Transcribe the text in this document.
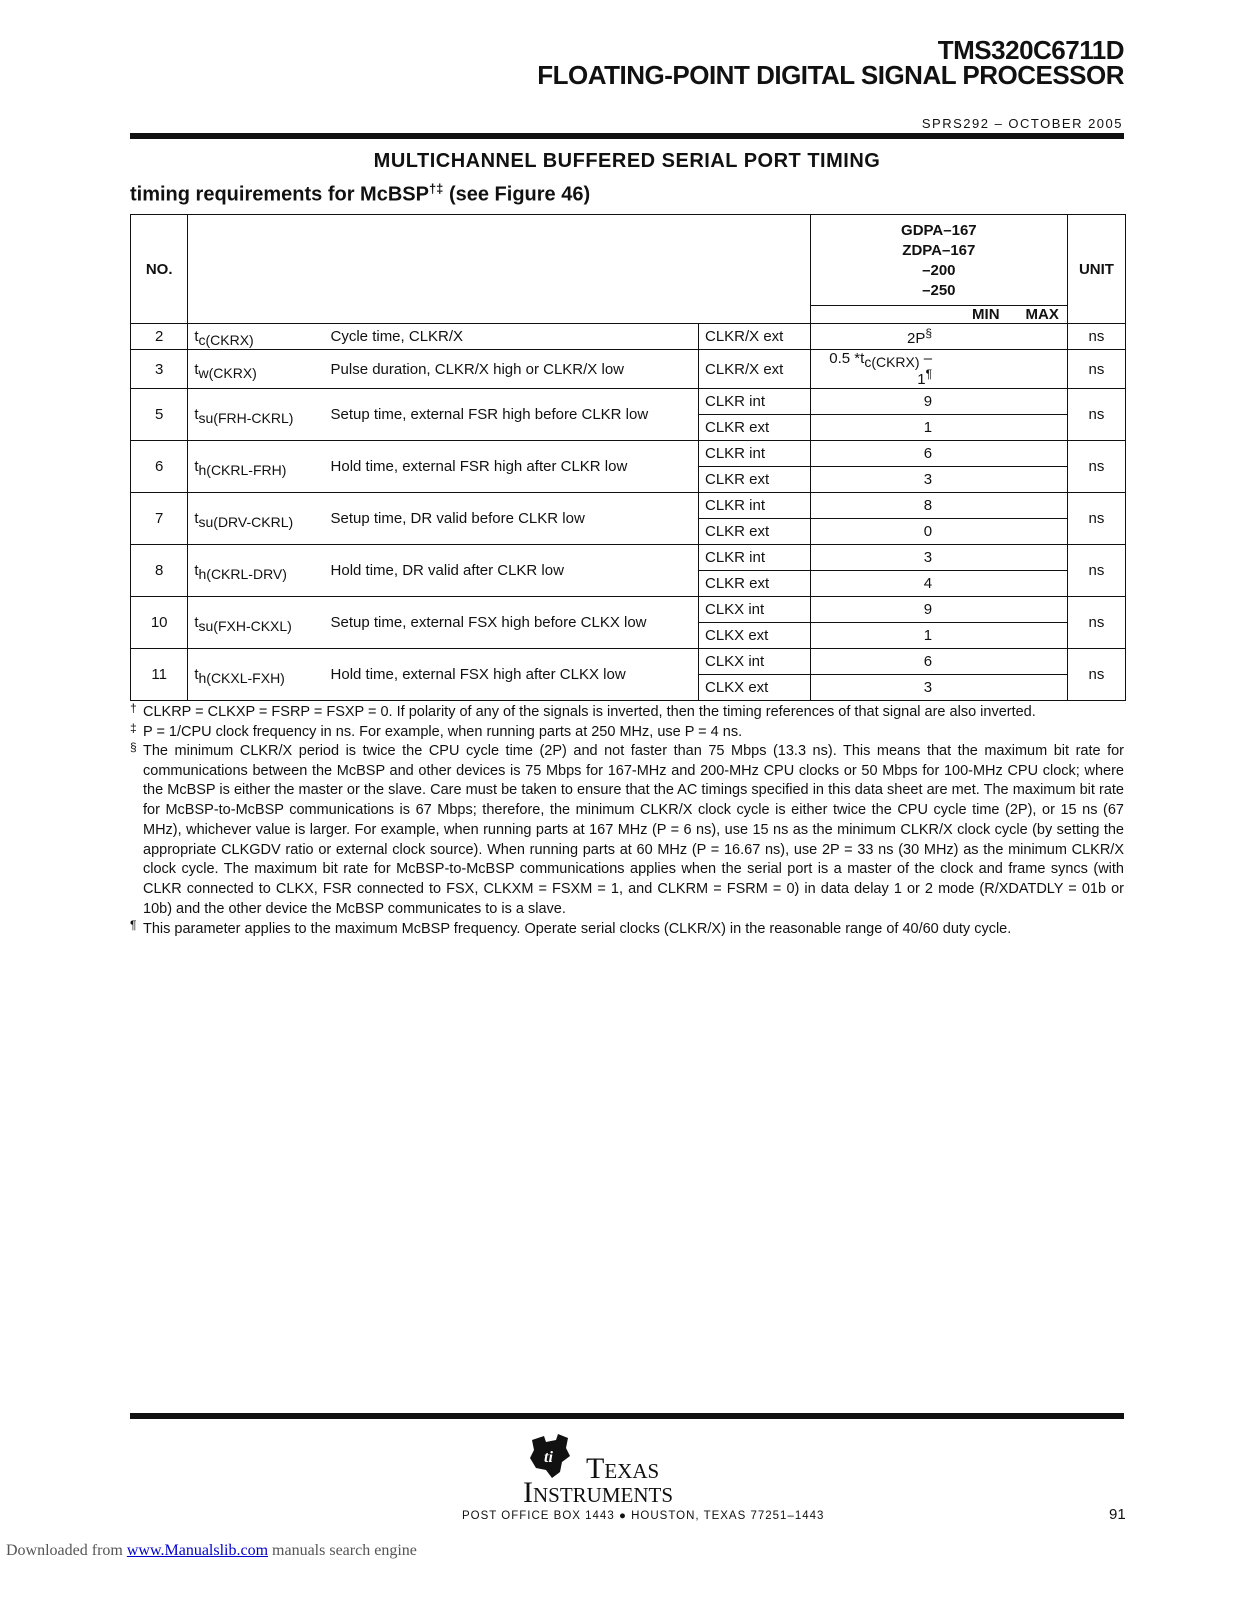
TMS320C6711D
FLOATING-POINT DIGITAL SIGNAL PROCESSOR
SPRS292 – OCTOBER 2005
MULTICHANNEL BUFFERED SERIAL PORT TIMING
timing requirements for McBSP†‡ (see Figure 46)
NO.				GDPA–167
ZDPA–167
–200
–250		UNIT
				MIN MAX		
2	tc(CKRX)	Cycle time, CLKR/X	CLKR/X ext	2P§		ns
3	tw(CKRX)	Pulse duration, CLKR/X high or CLKR/X low	CLKR/X ext	0.5 *tc(CKRX) –1¶		ns
5	tsu(FRH-CKRL)	Setup time, external FSR high before CLKR low	CLKR int	9		ns
			CLKR ext	1		
6	th(CKRL-FRH)	Hold time, external FSR high after CLKR low	CLKR int	6		ns
			CLKR ext	3		
7	tsu(DRV-CKRL)	Setup time, DR valid before CLKR low	CLKR int	8		ns
			CLKR ext	0		
8	th(CKRL-DRV)	Hold time, DR valid after CLKR low	CLKR int	3		ns
			CLKR ext	4		
10	tsu(FXH-CKXL)	Setup time, external FSX high before CLKX low	CLKX int	9		ns
			CLKX ext	1		
11	th(CKXL-FXH)	Hold time, external FSX high after CLKX low	CLKX int	6		ns
			CLKX ext	3		
† CLKRP = CLKXP = FSRP = FSXP = 0. If polarity of any of the signals is inverted, then the timing references of that signal are also inverted.
‡ P = 1/CPU clock frequency in ns. For example, when running parts at 250 MHz, use P = 4 ns.
§ The minimum CLKR/X period is twice the CPU cycle time (2P) and not faster than 75 Mbps (13.3 ns). This means that the maximum bit rate for communications between the McBSP and other devices is 75 Mbps for 167-MHz and 200-MHz CPU clocks or 50 Mbps for 100-MHz CPU clock; where the McBSP is either the master or the slave. Care must be taken to ensure that the AC timings specified in this data sheet are met. The maximum bit rate for McBSP-to-McBSP communications is 67 Mbps; therefore, the minimum CLKR/X clock cycle is either twice the CPU cycle time (2P), or 15 ns (67 MHz), whichever value is larger. For example, when running parts at 167 MHz (P = 6 ns), use 15 ns as the minimum CLKR/X clock cycle (by setting the appropriate CLKGDV ratio or external clock source). When running parts at 60 MHz (P = 16.67 ns), use 2P = 33 ns (30 MHz) as the minimum CLKR/X clock cycle. The maximum bit rate for McBSP-to-McBSP communications applies when the serial port is a master of the clock and frame syncs (with CLKR connected to CLKX, FSR connected to FSX, CLKXM = FSXM = 1, and CLKRM = FSRM = 0) in data delay 1 or 2 mode (R/XDATDLY = 01b or 10b) and the other device the McBSP communicates to is a slave.
¶ This parameter applies to the maximum McBSP frequency. Operate serial clocks (CLKR/X) in the reasonable range of 40/60 duty cycle.
ti Texas
Instruments
POST OFFICE BOX 1443 ● HOUSTON, TEXAS 77251–1443	91
Downloaded from www.Manualslib.com manuals search engine
